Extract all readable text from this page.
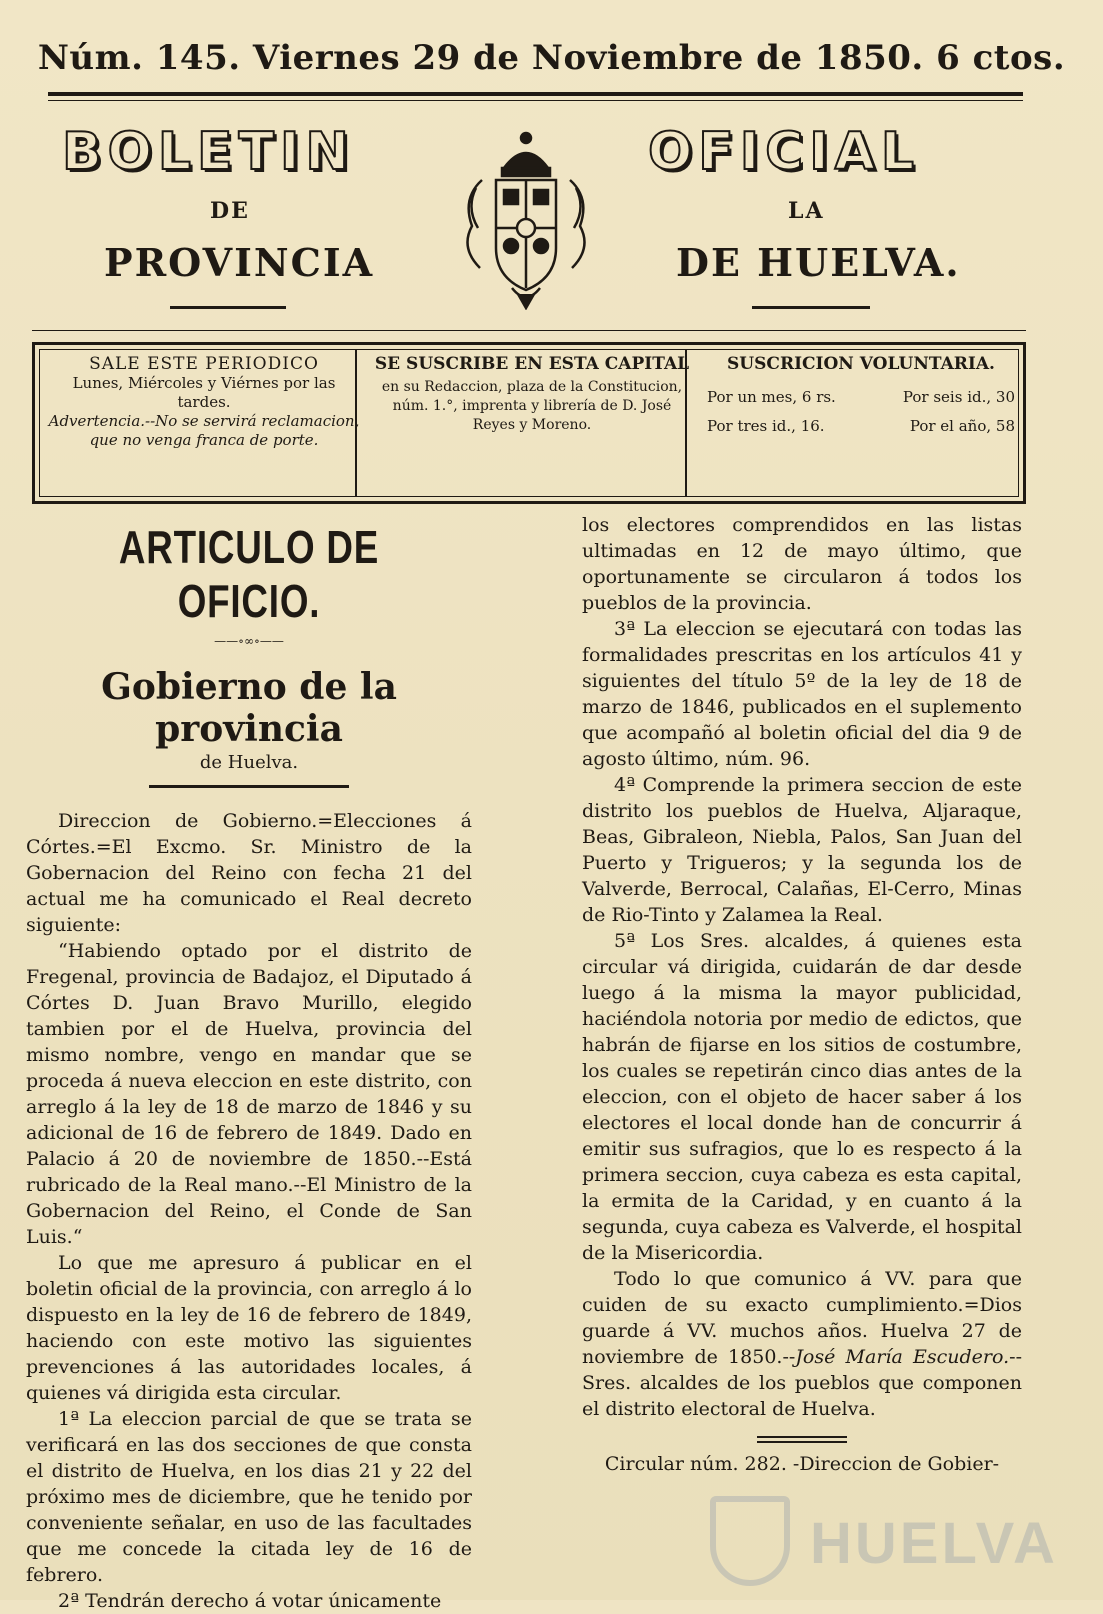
Núm. 145. Viernes 29 de Noviembre de 1850. 6 ctos.
BOLETIN	OFICIAL
DE	LA
PROVINCIA	DE HUELVA.
SALE ESTE PERIODICO
Lunes, Miércoles y Viérnes por las tardes.
Advertencia.--No se servirá reclamacion, que no venga franca de porte.
SE SUSCRIBE EN ESTA CAPITAL
en su Redaccion, plaza de la Constitucion, núm. 1.°, imprenta y librería de D. José Reyes y Moreno.
SUSCRICION VOLUNTARIA.
Por un mes, 6 rs.	Por seis id., 30
Por tres id., 16.	Por el año, 58
ARTICULO DE OFICIO.
——∘∞∘——
Gobierno de la provincia
de Huelva.

Direccion de Gobierno.=Elecciones á Córtes.=El Excmo. Sr. Ministro de la Gobernacion del Reino con fecha 21 del actual me ha comunicado el Real decreto siguiente:

“Habiendo optado por el distrito de Fregenal, provincia de Badajoz, el Diputado á Córtes D. Juan Bravo Murillo, elegido tambien por el de Huelva, provincia del mismo nombre, vengo en mandar que se proceda á nueva eleccion en este distrito, con arreglo á la ley de 18 de marzo de 1846 y su adicional de 16 de febrero de 1849. Dado en Palacio á 20 de noviembre de 1850.--Está rubricado de la Real mano.--El Ministro de la Gobernacion del Reino, el Conde de San Luis.“

Lo que me apresuro á publicar en el boletin oficial de la provincia, con arreglo á lo dispuesto en la ley de 16 de febrero de 1849, haciendo con este motivo las siguientes prevenciones á las autoridades locales, á quienes vá dirigida esta circular.

1ª La eleccion parcial de que se trata se verificará en las dos secciones de que consta el distrito de Huelva, en los dias 21 y 22 del próximo mes de diciembre, que he tenido por conveniente señalar, en uso de las facultades que me concede la citada ley de 16 de febrero.

2ª Tendrán derecho á votar únicamente

los electores comprendidos en las listas ultimadas en 12 de mayo último, que oportunamente se circularon á todos los pueblos de la provincia.

3ª La eleccion se ejecutará con todas las formalidades prescritas en los artículos 41 y siguientes del título 5º de la ley de 18 de marzo de 1846, publicados en el suplemento que acompañó al boletin oficial del dia 9 de agosto último, núm. 96.

4ª Comprende la primera seccion de este distrito los pueblos de Huelva, Aljaraque, Beas, Gibraleon, Niebla, Palos, San Juan del Puerto y Trigueros; y la segunda los de Valverde, Berrocal, Calañas, El-Cerro, Minas de Rio-Tinto y Zalamea la Real.

5ª Los Sres. alcaldes, á quienes esta circular vá dirigida, cuidarán de dar desde luego á la misma la mayor publicidad, haciéndola notoria por medio de edictos, que habrán de fijarse en los sitios de costumbre, los cuales se repetirán cinco dias antes de la eleccion, con el objeto de hacer saber á los electores el local donde han de concurrir á emitir sus sufragios, que lo es respecto á la primera seccion, cuya cabeza es esta capital, la ermita de la Caridad, y en cuanto á la segunda, cuya cabeza es Valverde, el hospital de la Misericordia.

Todo lo que comunico á VV. para que cuiden de su exacto cumplimiento.=Dios guarde á VV. muchos años. Huelva 27 de noviembre de 1850.--José María Escudero.--Sres. alcaldes de los pueblos que componen el distrito electoral de Huelva.

Circular núm. 282. -Direccion de Gobier-
HUELVA
